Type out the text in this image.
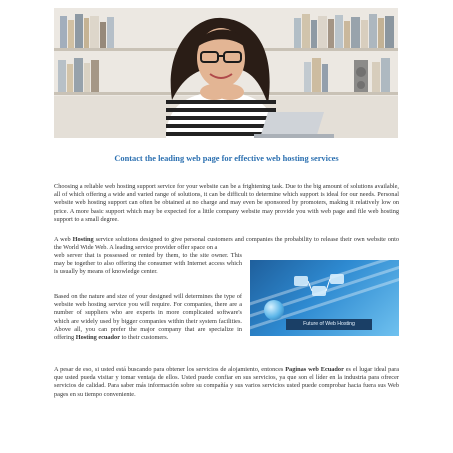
Contact the leading web page for effective web hosting services

Choosing a reliable web hosting support service for your website can be a frightening task. Due to the big amount of solutions available, all of which offering a wide and varied range of solutions, it can be difficult to determine which support is ideal for our needs. Personal website web hosting support can often be obtained at no charge and may even be sponsored by promoters, making it relatively low on price. A more basic support which may be expected for a little company website may provide you with web page and file web hosting support to a small degree.

A web Hosting service solutions designed to give personal customers and companies the probability to release their own website onto the World Wide Web. A leading service provider offer space on a

web server that is possessed or rented by them, to the site owner. This may be together to also offering the consumer with Internet access which is usually by means of knowledge center.

Based on the nature and size of your designed will determines the type of website web hosting service you will require. For companies, there are a number of suppliers who are experts in more complicated software's which are widely used by bigger companies within their system facilities. Above all, you can prefer the major company that are specialize in offering Hosting ecuador to their customers.

Future of Web Hosting

A pesar de eso, si usted está buscando para obtener los servicios de alojamiento, entonces Paginas web Ecuador es el lugar ideal para que usted pueda visitar y tomar ventaja de ellos. Usted puede confiar en sus servicios, ya que son el líder en la industria para ofrecer servicios de calidad. Para saber más información sobre su compañía y sus varios servicios usted puede comprobar hacia fuera sus Web pages en su tiempo conveniente.
